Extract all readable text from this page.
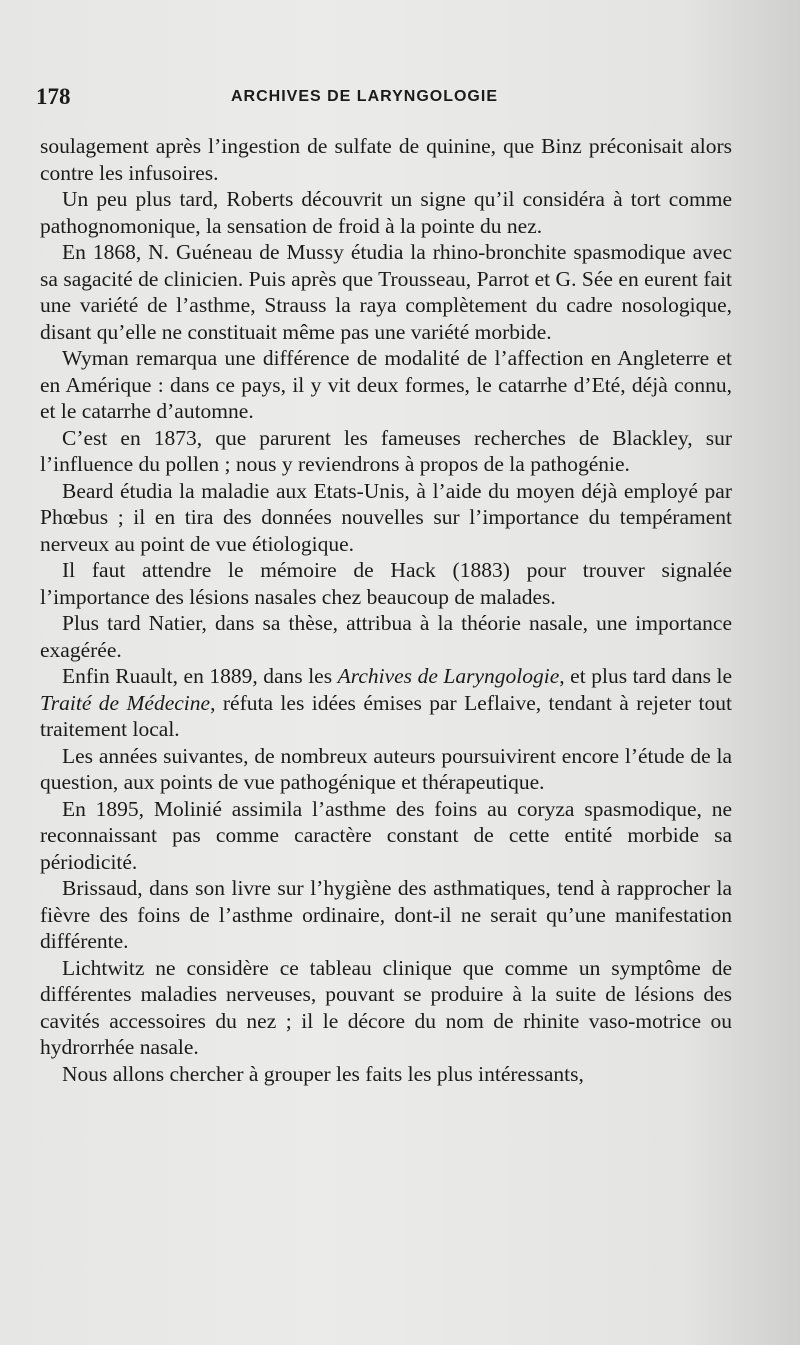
178	ARCHIVES DE LARYNGOLOGIE

soulagement après l’ingestion de sulfate de quinine, que Binz préconisait alors contre les infusoires.

Un peu plus tard, Roberts découvrit un signe qu’il considéra à tort comme pathognomonique, la sensation de froid à la pointe du nez.

En 1868, N. Guéneau de Mussy étudia la rhino-bronchite spasmodique avec sa sagacité de clinicien. Puis après que Trousseau, Parrot et G. Sée en eurent fait une variété de l’asthme, Strauss la raya complètement du cadre nosologique, disant qu’elle ne constituait même pas une variété morbide.

Wyman remarqua une différence de modalité de l’affection en Angleterre et en Amérique : dans ce pays, il y vit deux formes, le catarrhe d’Eté, déjà connu, et le catarrhe d’automne.

C’est en 1873, que parurent les fameuses recherches de Blackley, sur l’influence du pollen ; nous y reviendrons à propos de la pathogénie.

Beard étudia la maladie aux Etats-Unis, à l’aide du moyen déjà employé par Phœbus ; il en tira des données nouvelles sur l’importance du tempérament nerveux au point de vue étiologique.

Il faut attendre le mémoire de Hack (1883) pour trouver signalée l’importance des lésions nasales chez beaucoup de malades.

Plus tard Natier, dans sa thèse, attribua à la théorie nasale, une importance exagérée.

Enfin Ruault, en 1889, dans les Archives de Laryngologie, et plus tard dans le Traité de Médecine, réfuta les idées émises par Leflaive, tendant à rejeter tout traitement local.

Les années suivantes, de nombreux auteurs poursuivirent encore l’étude de la question, aux points de vue pathogénique et thérapeutique.

En 1895, Molinié assimila l’asthme des foins au coryza spasmodique, ne reconnaissant pas comme caractère constant de cette entité morbide sa périodicité.

Brissaud, dans son livre sur l’hygiène des asthmatiques, tend à rapprocher la fièvre des foins de l’asthme ordinaire, dont-il ne serait qu’une manifestation différente.

Lichtwitz ne considère ce tableau clinique que comme un symptôme de différentes maladies nerveuses, pouvant se produire à la suite de lésions des cavités accessoires du nez ; il le décore du nom de rhinite vaso-motrice ou hydrorrhée nasale.

Nous allons chercher à grouper les faits les plus intéressants,
